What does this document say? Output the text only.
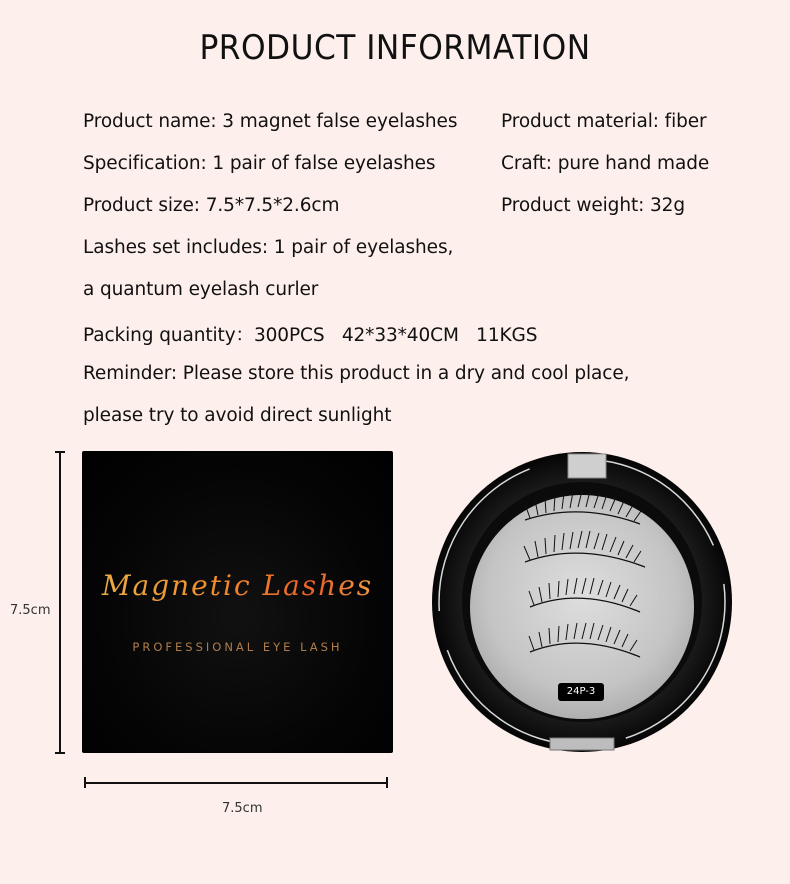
PRODUCT INFORMATION
Product name: 3 magnet false eyelashes
Specification: 1 pair of false eyelashes
Product size: 7.5*7.5*2.6cm
Lashes set includes: 1 pair of eyelashes,
a quantum eyelash curler
Packing quantity：300PCS   42*33*40CM   11KGS
Reminder: Please store this product in a dry and cool place,
please try to avoid direct sunlight
Product material: fiber
Craft: pure hand made
Product weight: 32g
7.5cm
7.5cm
Magnetic Lashes
PROFESSIONAL EYE LASH
24P-3
